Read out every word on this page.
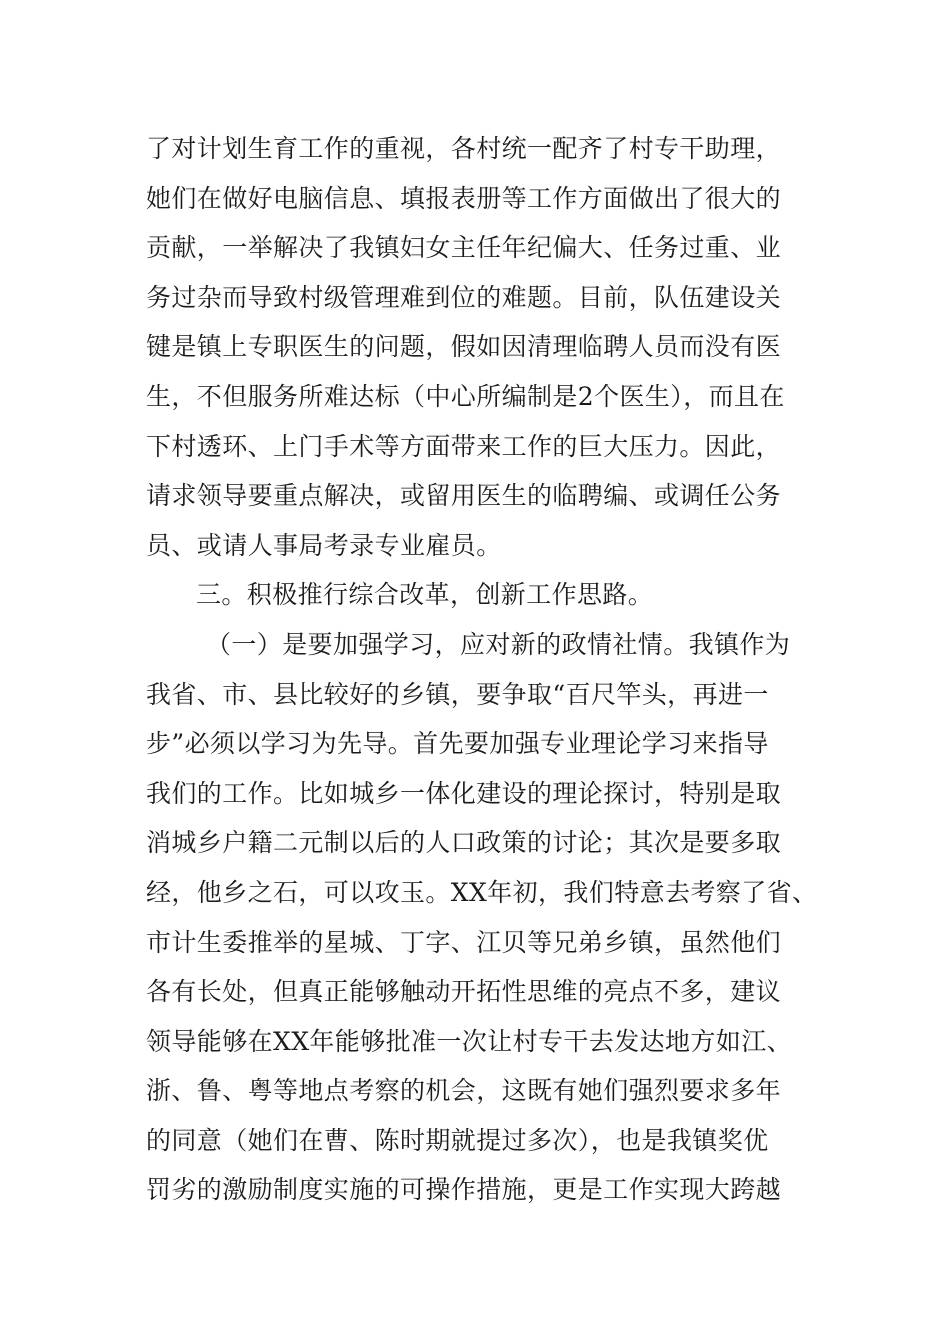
了对计划生育工作的重视，各村统一配齐了村专干助理，
她们在做好电脑信息、填报表册等工作方面做出了很大的
贡献，一举解决了我镇妇女主任年纪偏大、任务过重、业
务过杂而导致村级管理难到位的难题。目前，队伍建设关
键是镇上专职医生的问题，假如因清理临聘人员而没有医
生，不但服务所难达标（中心所编制是2个医生），而且在
下村透环、上门手术等方面带来工作的巨大压力。因此，
请求领导要重点解决，或留用医生的临聘编、或调任公务
员、或请人事局考录专业雇员。
三。积极推行综合改革，创新工作思路。
（一）是要加强学习，应对新的政情社情。我镇作为
我省、市、县比较好的乡镇，要争取“百尺竿头，再进一
步”必须以学习为先导。首先要加强专业理论学习来指导
我们的工作。比如城乡一体化建设的理论探讨，特别是取
消城乡户籍二元制以后的人口政策的讨论；其次是要多取
经，他乡之石，可以攻玉。XX年初，我们特意去考察了省、
市计生委推举的星城、丁字、江贝等兄弟乡镇，虽然他们
各有长处，但真正能够触动开拓性思维的亮点不多，建议
领导能够在XX年能够批准一次让村专干去发达地方如江、
浙、鲁、粤等地点考察的机会，这既有她们强烈要求多年
的同意（她们在曹、陈时期就提过多次），也是我镇奖优
罚劣的激励制度实施的可操作措施，更是工作实现大跨越
